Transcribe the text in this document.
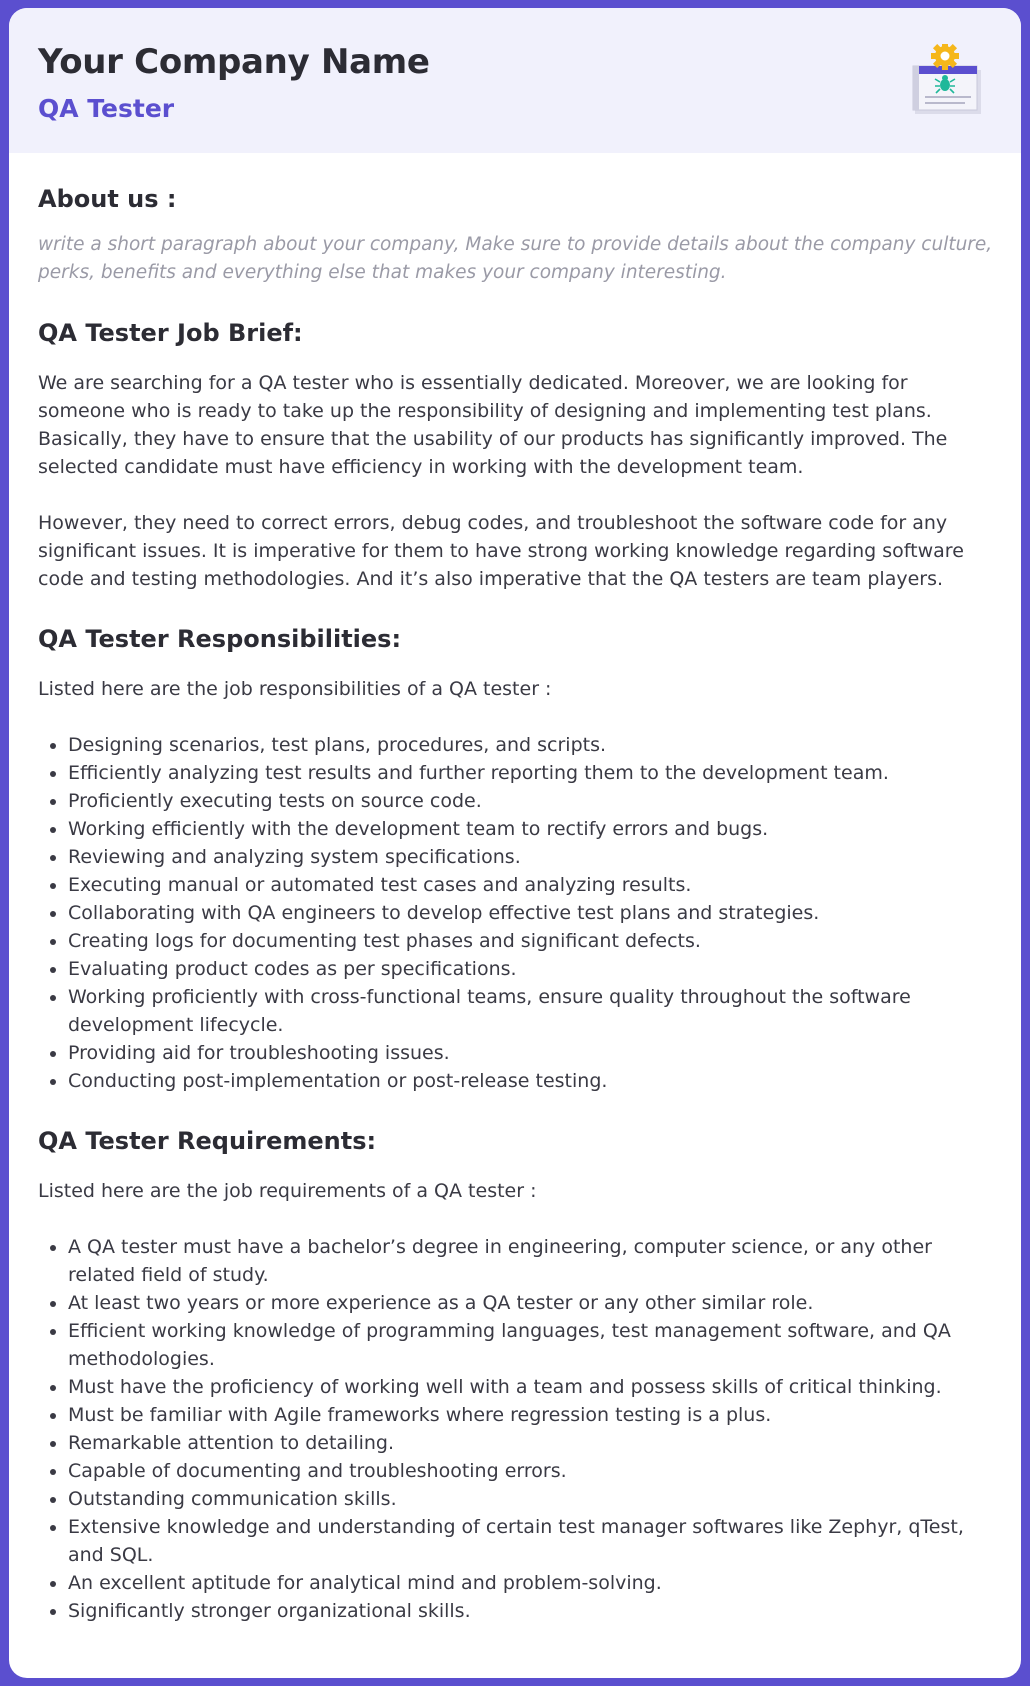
Your Company Name
QA Tester
About us :

write a short paragraph about your company, Make sure to provide details about the company culture, perks, benefits and everything else that makes your company interesting.

QA Tester Job Brief:

We are searching for a QA tester who is essentially dedicated. Moreover, we are looking for someone who is ready to take up the responsibility of designing and implementing test plans. Basically, they have to ensure that the usability of our products has significantly improved. The selected candidate must have efficiency in working with the development team.

However, they need to correct errors, debug codes, and troubleshoot the software code for any significant issues. It is imperative for them to have strong working knowledge regarding software code and testing methodologies. And it’s also imperative that the QA testers are team players.

QA Tester Responsibilities:

Listed here are the job responsibilities of a QA tester :

• Designing scenarios, test plans, procedures, and scripts.
• Efficiently analyzing test results and further reporting them to the development team.
• Proficiently executing tests on source code.
• Working efficiently with the development team to rectify errors and bugs.
• Reviewing and analyzing system specifications.
• Executing manual or automated test cases and analyzing results.
• Collaborating with QA engineers to develop effective test plans and strategies.
• Creating logs for documenting test phases and significant defects.
• Evaluating product codes as per specifications.
• Working proficiently with cross-functional teams, ensure quality throughout the software development lifecycle.
• Providing aid for troubleshooting issues.
• Conducting post-implementation or post-release testing.
QA Tester Requirements:

Listed here are the job requirements of a QA tester :

• A QA tester must have a bachelor’s degree in engineering, computer science, or any other related field of study.
• At least two years or more experience as a QA tester or any other similar role.
• Efficient working knowledge of programming languages, test management software, and QA methodologies.
• Must have the proficiency of working well with a team and possess skills of critical thinking.
• Must be familiar with Agile frameworks where regression testing is a plus.
• Remarkable attention to detailing.
• Capable of documenting and troubleshooting errors.
• Outstanding communication skills.
• Extensive knowledge and understanding of certain test manager softwares like Zephyr, qTest, and SQL.
• An excellent aptitude for analytical mind and problem-solving.
• Significantly stronger organizational skills.
